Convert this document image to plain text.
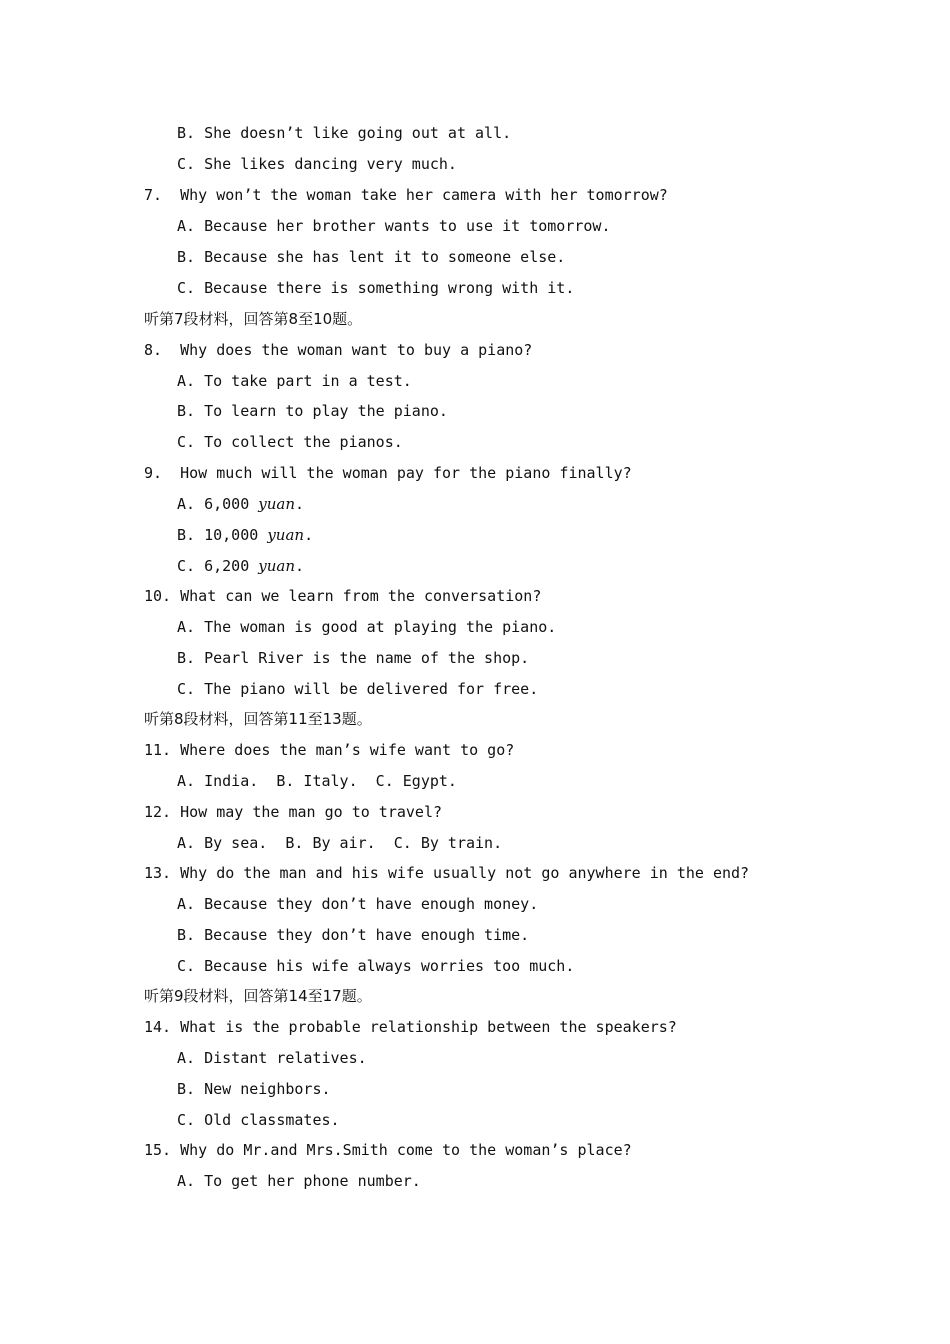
B. She doesn’t like going out at all.
C. She likes dancing very much.
7.  Why won’t the woman take her camera with her tomorrow?
A. Because her brother wants to use it tomorrow.
B. Because she has lent it to someone else.
C. Because there is something wrong with it.
听第7段材料，回答第8至10题。
8.  Why does the woman want to buy a piano?
A. To take part in a test.
B. To learn to play the piano.
C. To collect the pianos.
9.  How much will the woman pay for the piano finally?
A. 6,000 yuan.
B. 10,000 yuan.
C. 6,200 yuan.
10. What can we learn from the conversation?
A. The woman is good at playing the piano.
B. Pearl River is the name of the shop.
C. The piano will be delivered for free.
听第8段材料，回答第11至13题。
11. Where does the man’s wife want to go?
A. India.  B. Italy.  C. Egypt.
12. How may the man go to travel?
A. By sea.  B. By air.  C. By train.
13. Why do the man and his wife usually not go anywhere in the end?
A. Because they don’t have enough money.
B. Because they don’t have enough time.
C. Because his wife always worries too much.
听第9段材料，回答第14至17题。
14. What is the probable relationship between the speakers?
A. Distant relatives.
B. New neighbors.
C. Old classmates.
15. Why do Mr.and Mrs.Smith come to the woman’s place?
A. To get her phone number.
